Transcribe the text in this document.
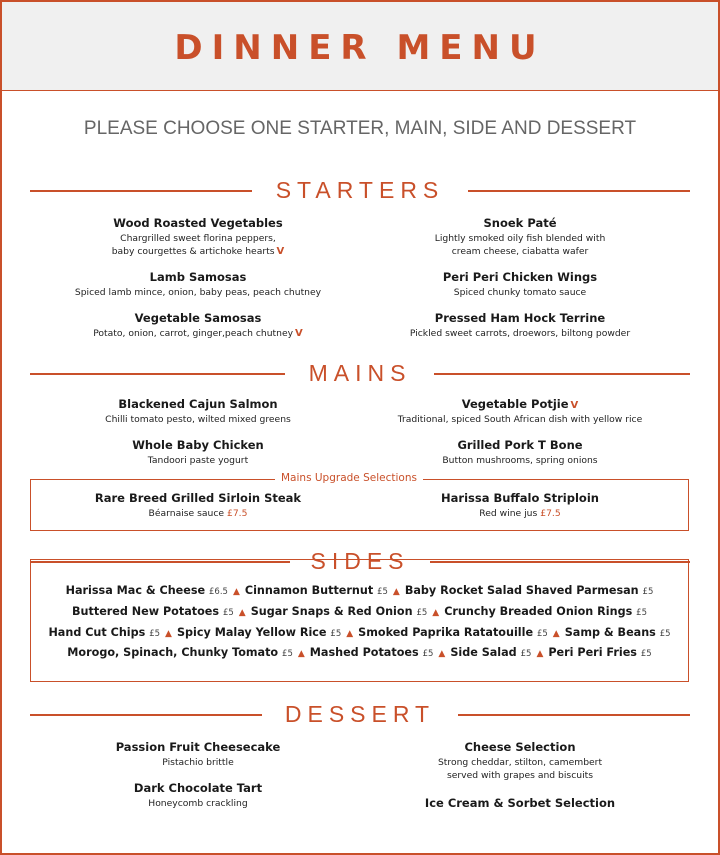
DINNER MENU
PLEASE CHOOSE ONE STARTER, MAIN, SIDE AND DESSERT
STARTERS
Wood Roasted Vegetables
Chargrilled sweet florina peppers,
baby courgettes & artichoke hearts V
Snoek Paté
Lightly smoked oily fish blended with
cream cheese, ciabatta wafer
Lamb Samosas
Spiced lamb mince, onion, baby peas, peach chutney
Peri Peri Chicken Wings
Spiced chunky tomato sauce
Vegetable Samosas
Potato, onion, carrot, ginger,peach chutney V
Pressed Ham Hock Terrine
Pickled sweet carrots, droewors, biltong powder
MAINS
Blackened Cajun Salmon
Chilli tomato pesto, wilted mixed greens
Vegetable Potjie V
Traditional, spiced South African dish with yellow rice
Whole Baby Chicken
Tandoori paste yogurt
Grilled Pork T Bone
Button mushrooms, spring onions
Mains Upgrade Selections
Rare Breed Grilled Sirloin Steak
Béarnaise sauce £7.5
Harissa Buffalo Striploin
Red wine jus £7.5
SIDES
Harissa Mac & Cheese £6.5 ▲ Cinnamon Butternut £5 ▲ Baby Rocket Salad Shaved Parmesan £5
Buttered New Potatoes £5 ▲ Sugar Snaps & Red Onion £5 ▲ Crunchy Breaded Onion Rings £5
Hand Cut Chips £5 ▲ Spicy Malay Yellow Rice £5 ▲ Smoked Paprika Ratatouille £5 ▲ Samp & Beans £5
Morogo, Spinach, Chunky Tomato £5 ▲ Mashed Potatoes £5 ▲ Side Salad £5 ▲ Peri Peri Fries £5
DESSERT
Passion Fruit Cheesecake
Pistachio brittle
Cheese Selection
Strong cheddar, stilton, camembert
served with grapes and biscuits
Dark Chocolate Tart
Honeycomb crackling	Ice Cream & Sorbet Selection
